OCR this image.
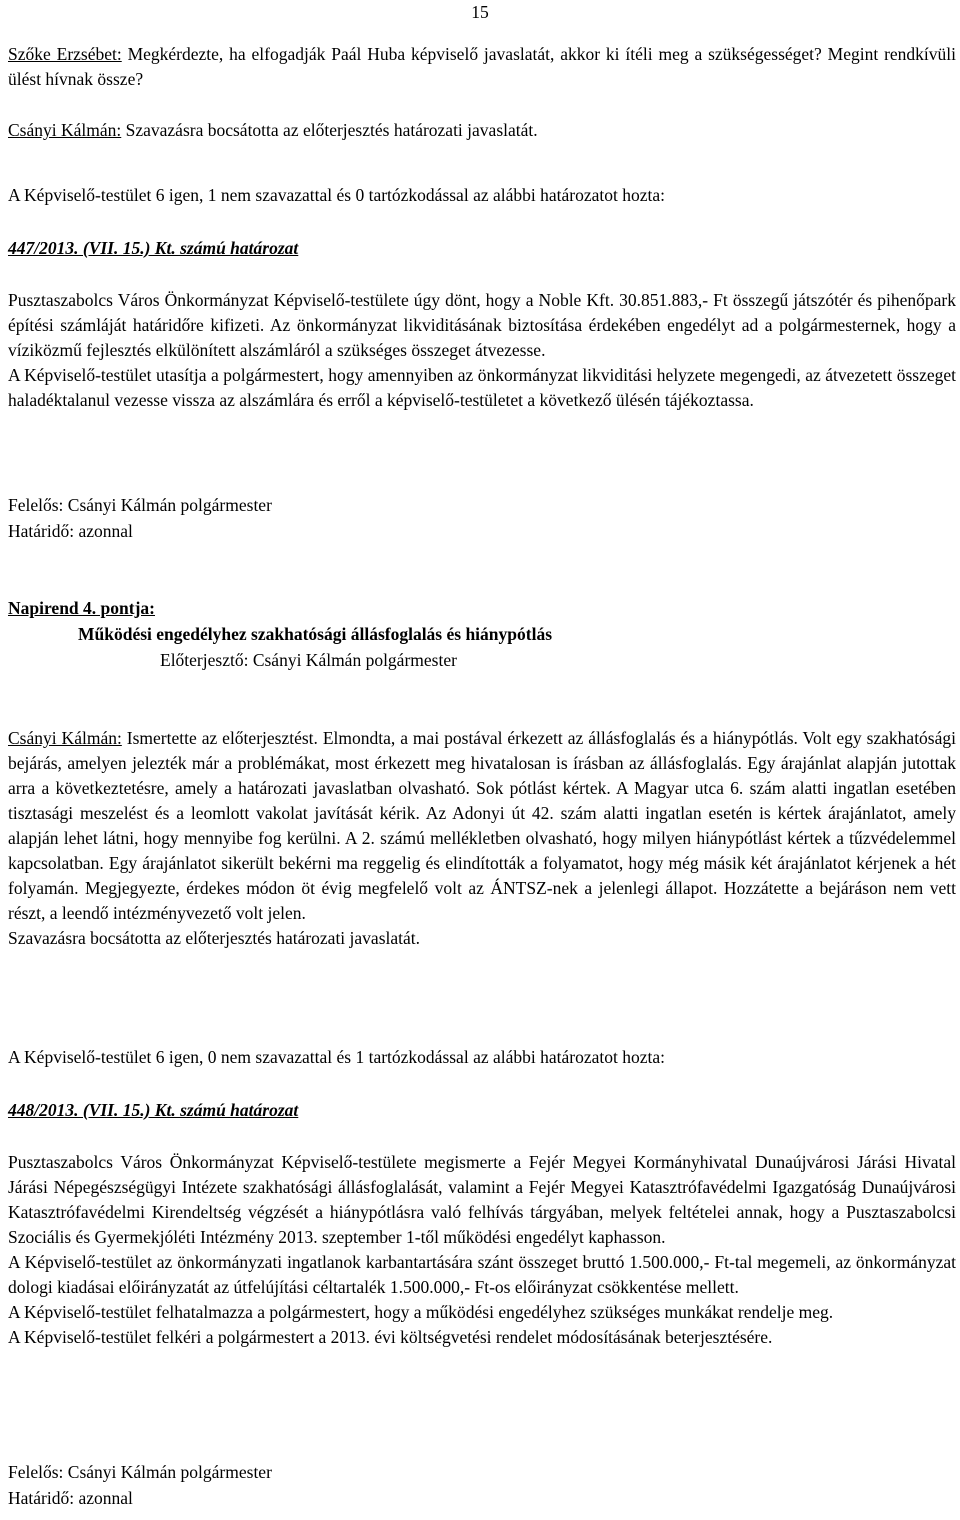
15

Szőke Erzsébet: Megkérdezte, ha elfogadják Paál Huba képviselő javaslatát, akkor ki ítéli meg a szükségességet? Megint rendkívüli ülést hívnak össze?

Csányi Kálmán: Szavazásra bocsátotta az előterjesztés határozati javaslatát.
A Képviselő-testület 6 igen, 1 nem szavazattal és 0 tartózkodással az alábbi határozatot hozta:
447/2013. (VII. 15.) Kt. számú határozat

Pusztaszabolcs Város Önkormányzat Képviselő-testülete úgy dönt, hogy a Noble Kft. 30.851.883,- Ft összegű játszótér és pihenőpark építési számláját határidőre kifizeti. Az önkormányzat likviditásának biztosítása érdekében engedélyt ad a polgármesternek, hogy a víziközmű fejlesztés elkülönített alszámláról a szükséges összeget átvezesse.

A Képviselő-testület utasítja a polgármestert, hogy amennyiben az önkormányzat likviditási helyzete megengedi, az átvezetett összeget haladéktalanul vezesse vissza az alszámlára és erről a képviselő-testületet a következő ülésén tájékoztassa.

Felelős: Csányi Kálmán polgármester
Határidő: azonnal
Napirend 4. pontja:
Működési engedélyhez szakhatósági állásfoglalás és hiánypótlás
Előterjesztő: Csányi Kálmán polgármester

Csányi Kálmán: Ismertette az előterjesztést. Elmondta, a mai postával érkezett az állásfoglalás és a hiánypótlás. Volt egy szakhatósági bejárás, amelyen jelezték már a problémákat, most érkezett meg hivatalosan is írásban az állásfoglalás. Egy árajánlat alapján jutottak arra a következtetésre, amely a határozati javaslatban olvasható. Sok pótlást kértek. A Magyar utca 6. szám alatti ingatlan esetében tisztasági meszelést és a leomlott vakolat javítását kérik. Az Adonyi út 42. szám alatti ingatlan esetén is kértek árajánlatot, amely alapján lehet látni, hogy mennyibe fog kerülni. A 2. számú mellékletben olvasható, hogy milyen hiánypótlást kértek a tűzvédelemmel kapcsolatban. Egy árajánlatot sikerült bekérni ma reggelig és elindították a folyamatot, hogy még másik két árajánlatot kérjenek a hét folyamán. Megjegyezte, érdekes módon öt évig megfelelő volt az ÁNTSZ-nek a jelenlegi állapot. Hozzátette a bejáráson nem vett részt, a leendő intézményvezető volt jelen.

Szavazásra bocsátotta az előterjesztés határozati javaslatát.

A Képviselő-testület 6 igen, 0 nem szavazattal és 1 tartózkodással az alábbi határozatot hozta:
448/2013. (VII. 15.) Kt. számú határozat

Pusztaszabolcs Város Önkormányzat Képviselő-testülete megismerte a Fejér Megyei Kormányhivatal Dunaújvárosi Járási Hivatal Járási Népegészségügyi Intézete szakhatósági állásfoglalását, valamint a Fejér Megyei Katasztrófavédelmi Igazgatóság Dunaújvárosi Katasztrófavédelmi Kirendeltség végzését a hiánypótlásra való felhívás tárgyában, melyek feltételei annak, hogy a Pusztaszabolcsi Szociális és Gyermekjóléti Intézmény 2013. szeptember 1-től működési engedélyt kaphasson.

A Képviselő-testület az önkormányzati ingatlanok karbantartására szánt összeget bruttó 1.500.000,- Ft-tal megemeli, az önkormányzat dologi kiadásai előirányzatát az útfelújítási céltartalék 1.500.000,- Ft-os előirányzat csökkentése mellett.

A Képviselő-testület felhatalmazza a polgármestert, hogy a működési engedélyhez szükséges munkákat rendelje meg.

A Képviselő-testület felkéri a polgármestert a 2013. évi költségvetési rendelet módosításának beterjesztésére.

Felelős: Csányi Kálmán polgármester
Határidő: azonnal
